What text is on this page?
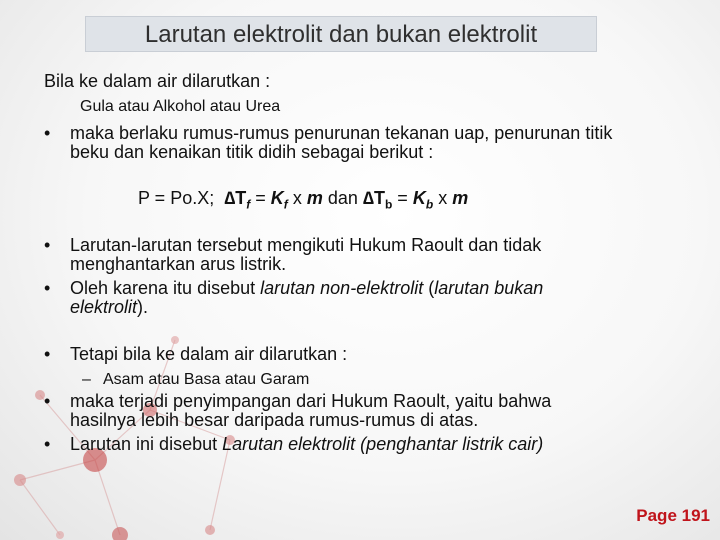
Larutan elektrolit dan bukan elektrolit
Bila ke dalam air dilarutkan :
Gula atau Alkohol atau Urea
• maka berlaku rumus-rumus penurunan tekanan uap, penurunan titik
beku dan kenaikan titik didih sebagai berikut :
P = Po.X; $\Delta T_f = K_f$ x m dan $\Delta T_b = K_b$ x m
• Larutan-larutan tersebut mengikuti Hukum Raoult dan tidak
menghantarkan arus listrik.
• Oleh karena itu disebut larutan non-elektrolit (larutan bukan
elektrolit).
• Tetapi bila ke dalam air dilarutkan :
– Asam atau Basa atau Garam
• maka terjadi penyimpangan dari Hukum Raoult, yaitu bahwa
hasilnya lebih besar daripada rumus-rumus di atas.
• Larutan ini disebut Larutan elektrolit (penghantar listrik cair)
Page 191
